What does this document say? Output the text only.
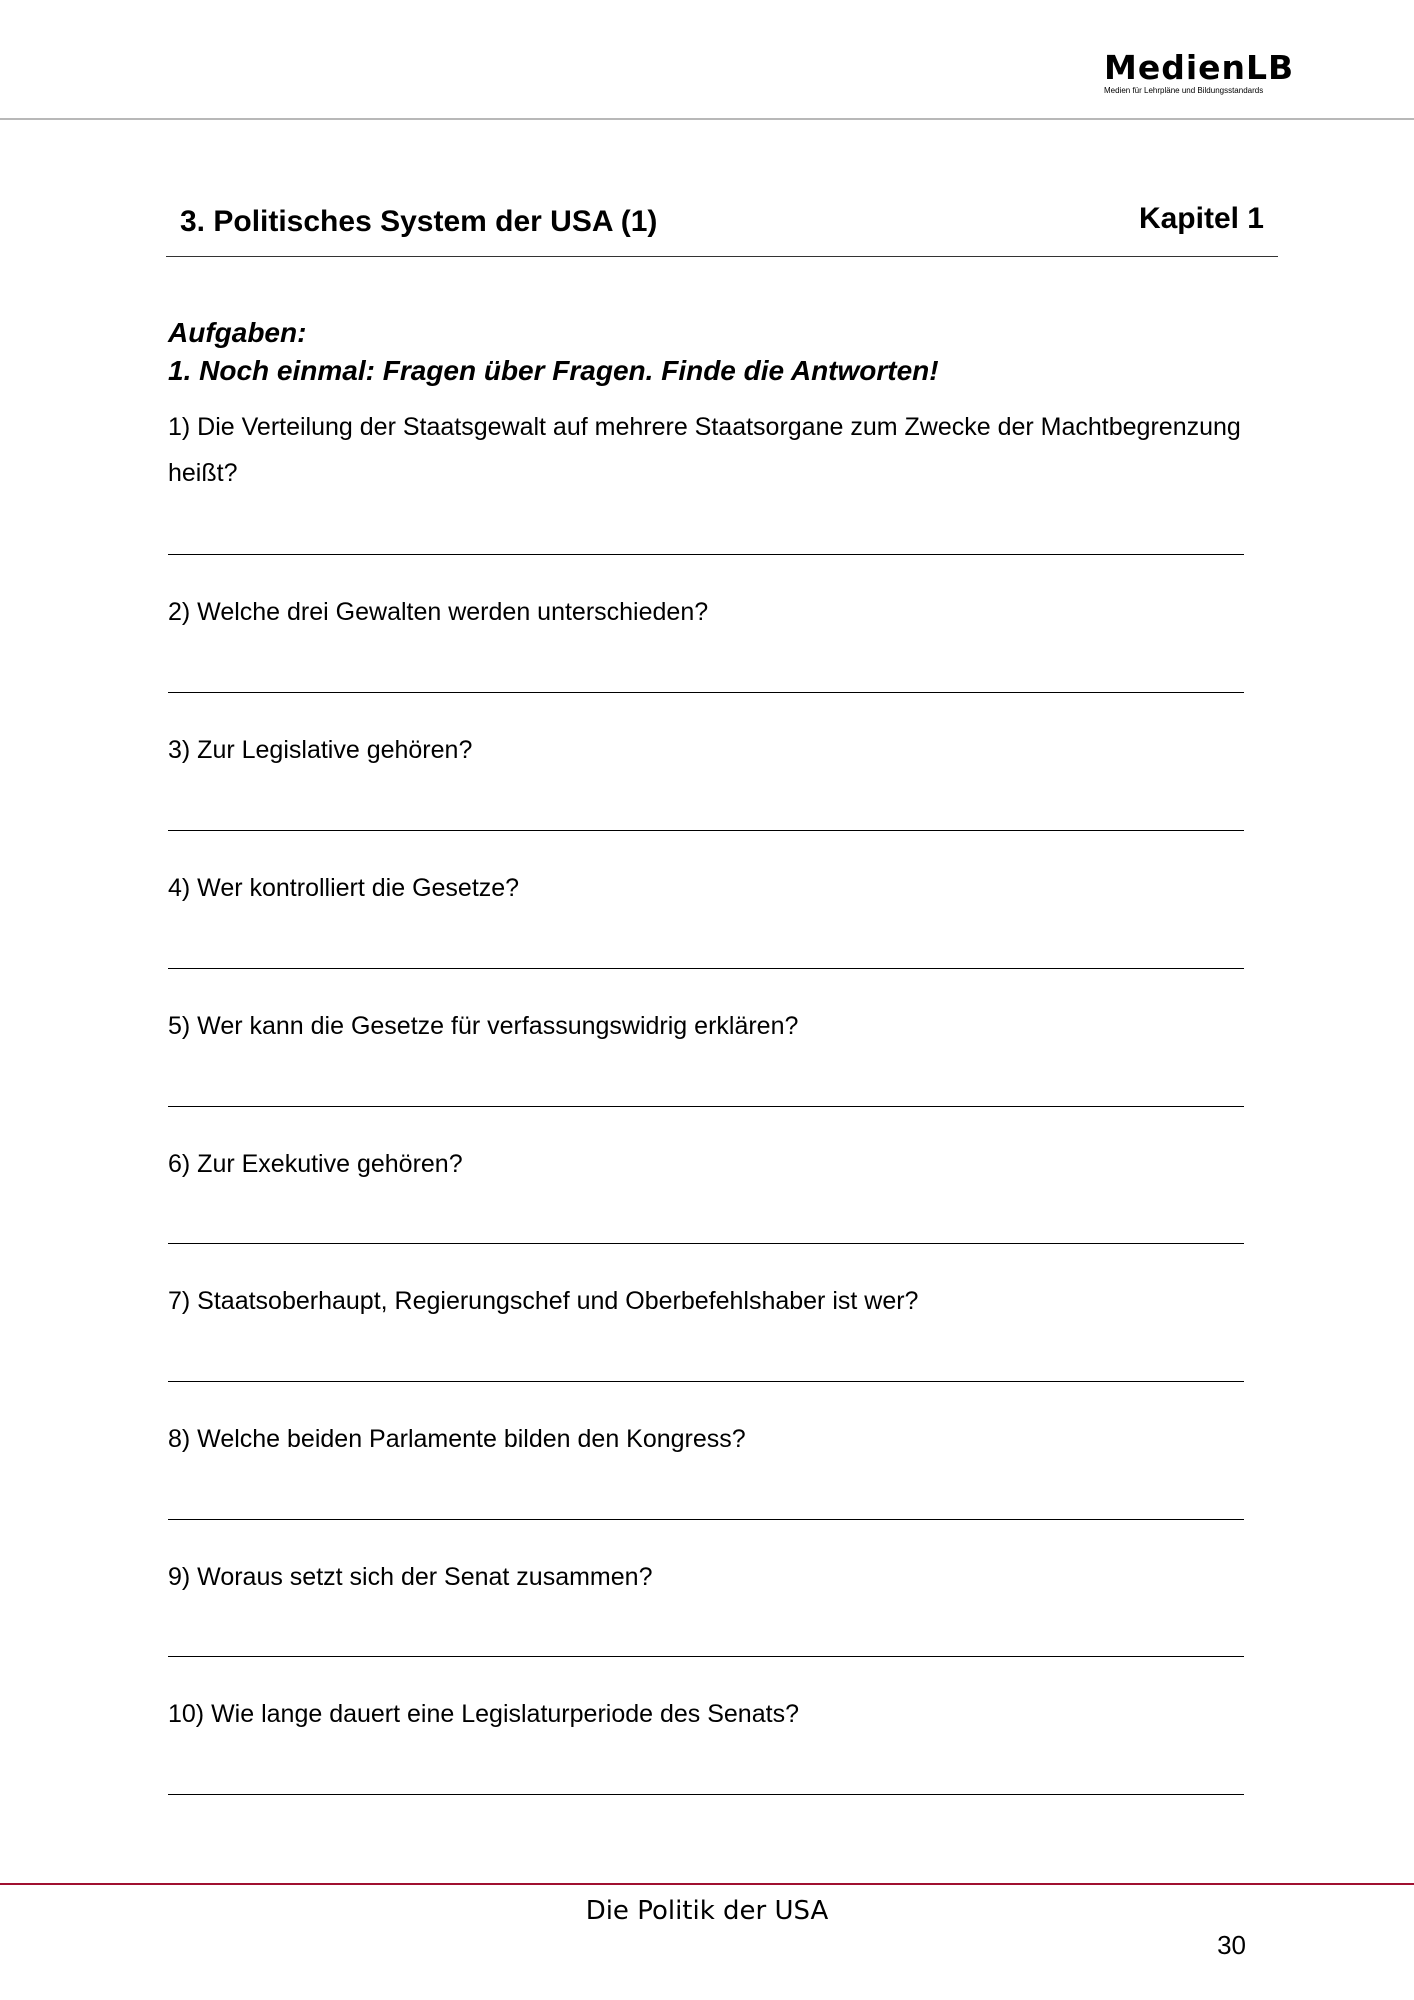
MedienLB
Medien für Lehrpläne und Bildungsstandards
3. Politisches System der USA (1)	Kapitel 1
Aufgaben:
1. Noch einmal: Fragen über Fragen. Finde die Antworten!
1) Die Verteilung der Staatsgewalt auf mehrere Staatsorgane zum Zwecke der Machtbegrenzung heißt?
2) Welche drei Gewalten werden unterschieden?
3) Zur Legislative gehören?
4) Wer kontrolliert die Gesetze?
5) Wer kann die Gesetze für verfassungswidrig erklären?
6) Zur Exekutive gehören?
7) Staatsoberhaupt, Regierungschef und Oberbefehlshaber ist wer?
8) Welche beiden Parlamente bilden den Kongress?
9) Woraus setzt sich der Senat zusammen?
10) Wie lange dauert eine Legislaturperiode des Senats?
Die Politik der USA
30
